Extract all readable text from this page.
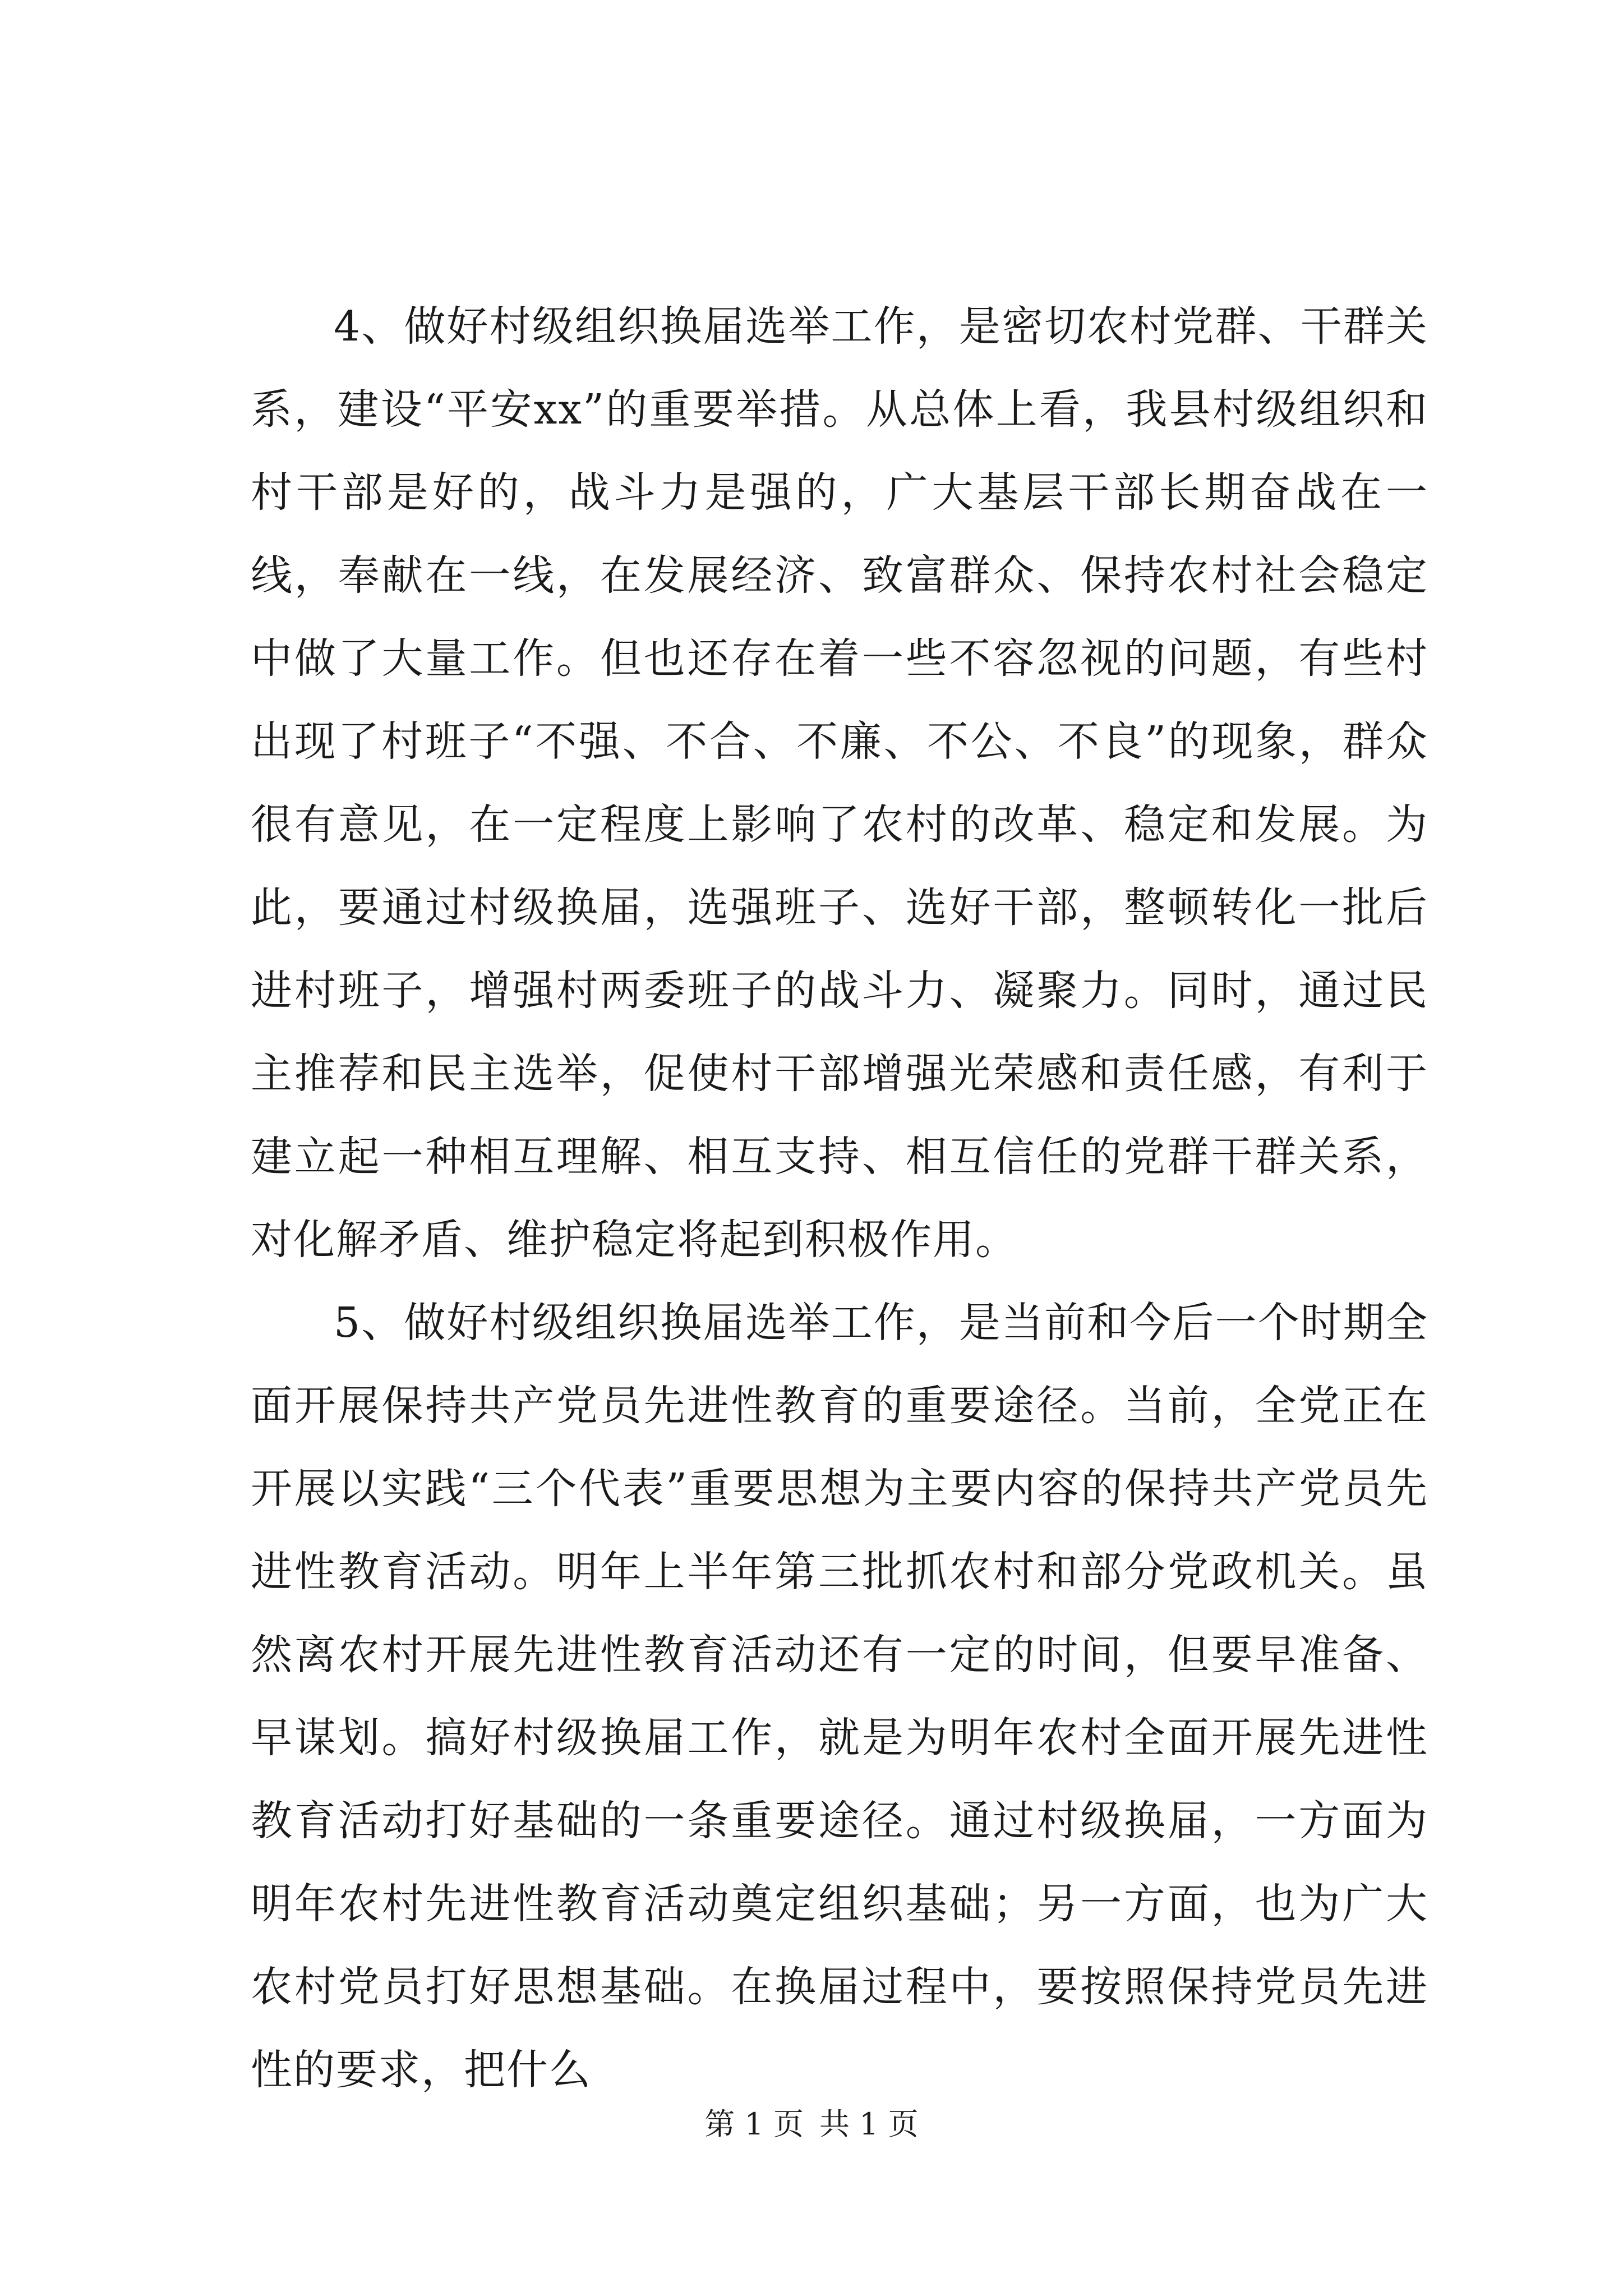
4、做好村级组织换届选举工作，是密切农村党群、干群关系，建设“平安xx”的重要举措。从总体上看，我县村级组织和村干部是好的，战斗力是强的，广大基层干部长期奋战在一线，奉献在一线，在发展经济、致富群众、保持农村社会稳定中做了大量工作。但也还存在着一些不容忽视的问题，有些村出现了村班子“不强、不合、不廉、不公、不良”的现象，群众很有意见，在一定程度上影响了农村的改革、稳定和发展。为此，要通过村级换届，选强班子、选好干部，整顿转化一批后进村班子，增强村两委班子的战斗力、凝聚力。同时，通过民主推荐和民主选举，促使村干部增强光荣感和责任感，有利于建立起一种相互理解、相互支持、相互信任的党群干群关系，对化解矛盾、维护稳定将起到积极作用。

5、做好村级组织换届选举工作，是当前和今后一个时期全面开展保持共产党员先进性教育的重要途径。当前，全党正在开展以实践“三个代表”重要思想为主要内容的保持共产党员先进性教育活动。明年上半年第三批抓农村和部分党政机关。虽然离农村开展先进性教育活动还有一定的时间，但要早准备、早谋划。搞好村级换届工作，就是为明年农村全面开展先进性教育活动打好基础的一条重要途径。通过村级换届，一方面为明年农村先进性教育活动奠定组织基础；另一方面，也为广大农村党员打好思想基础。在换届过程中，要按照保持党员先进性的要求，把什么

第 1 页 共 1 页
